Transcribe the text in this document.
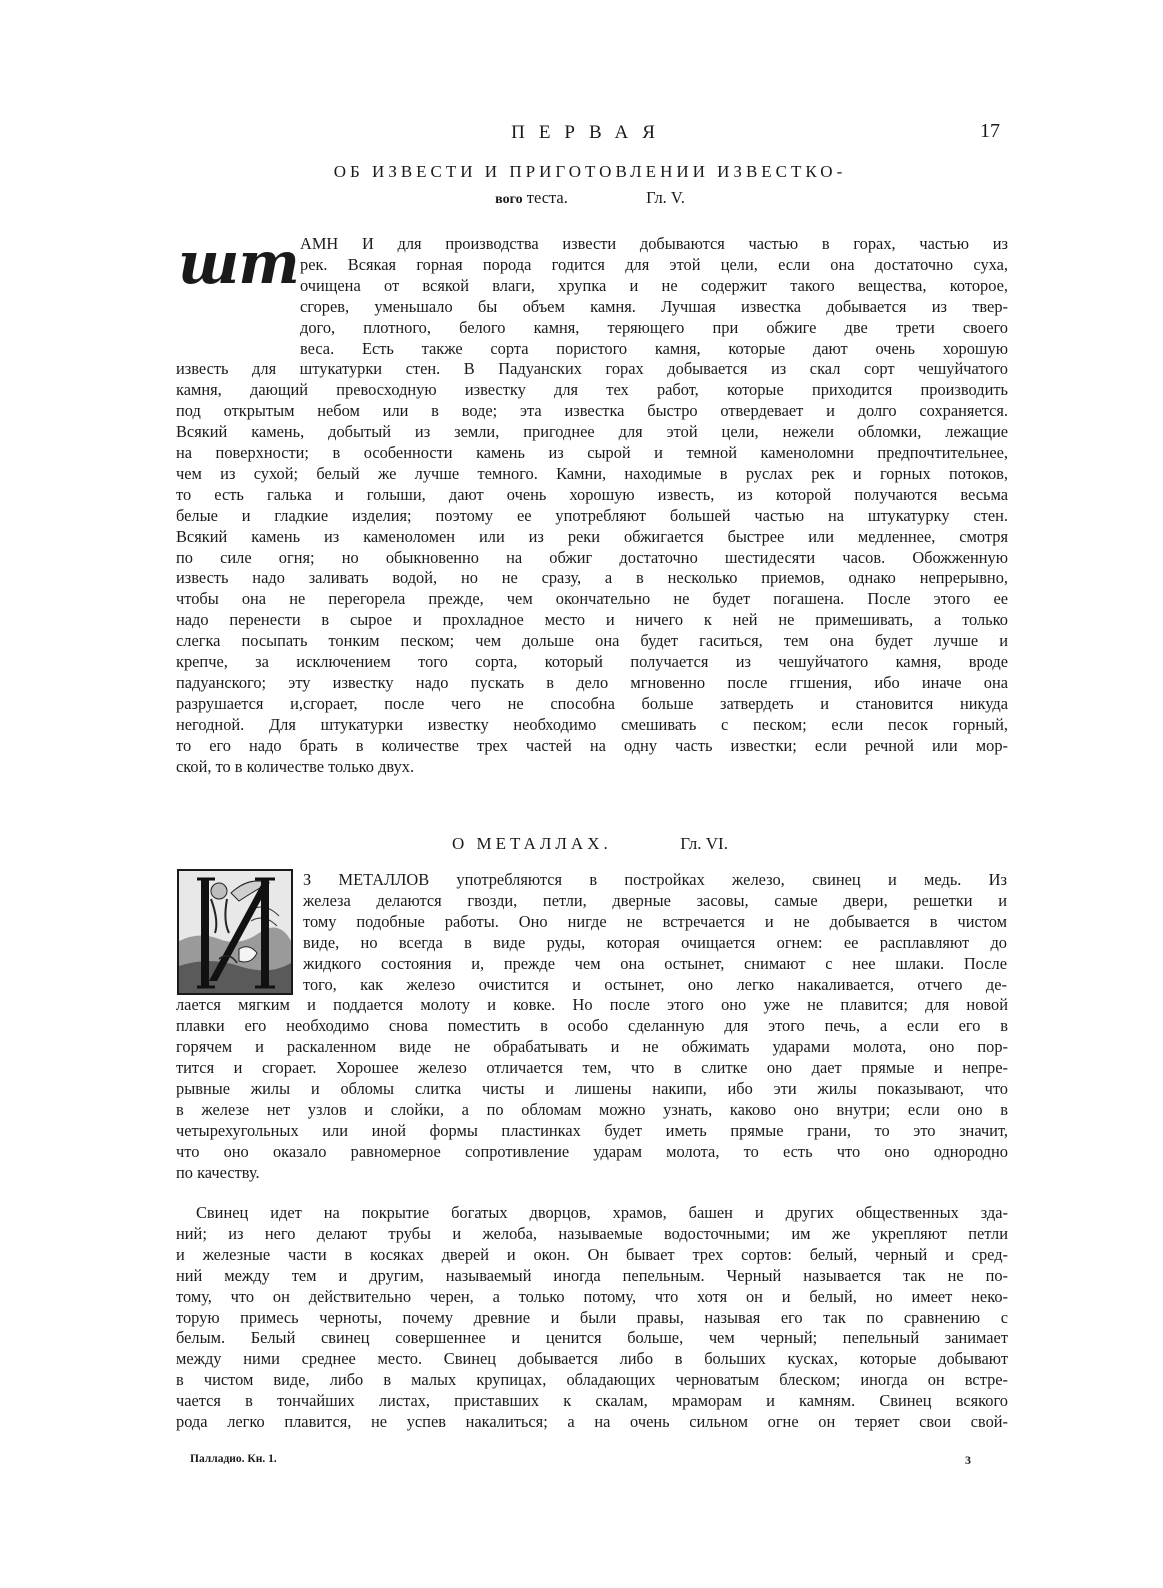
ПЕРВАЯ	17
ОБ ИЗВЕСТИ И ПРИГОТОВЛЕНИИ ИЗВЕСТКО-
вого теста.	Гл. V.
шт АМН И для производства извести добываются частью в горах, частью из
рек. Всякая горная порода годится для этой цели, если она достаточно суха,
очищена от всякой влаги, хрупка и не содержит такого вещества, которое,
сгорев, уменьшало бы объем камня. Лучшая известка добывается из твер-
дого, плотного, белого камня, теряющего при обжиге две трети своего
веса. Есть также сорта пористого камня, которые дают очень хорошую
известь для штукатурки стен. В Падуанских горах добывается из скал сорт чешуйчатого
камня, дающий превосходную известку для тех работ, которые приходится производить
под открытым небом или в воде; эта известка быстро отвердевает и долго сохраняется.
Всякий камень, добытый из земли, пригоднее для этой цели, нежели обломки, лежащие
на поверхности; в особенности камень из сырой и темной каменоломни предпочтительнее,
чем из сухой; белый же лучше темного. Камни, находимые в руслах рек и горных потоков,
то есть галька и голыши, дают очень хорошую известь, из которой получаются весьма
белые и гладкие изделия; поэтому ее употребляют большей частью на штукатурку стен.
Всякий камень из каменоломен или из реки обжигается быстрее или медленнее, смотря
по силе огня; но обыкновенно на обжиг достаточно шестидесяти часов. Обожженную
известь надо заливать водой, но не сразу, а в несколько приемов, однако непрерывно,
чтобы она не перегорела прежде, чем окончательно не будет погашена. После этого ее
надо перенести в сырое и прохладное место и ничего к ней не примешивать, а только
слегка посыпать тонким песком; чем дольше она будет гаситься, тем она будет лучше и
крепче, за исключением того сорта, который получается из чешуйчатого камня, вроде
падуанского; эту известку надо пускать в дело мгновенно после ггшения, ибо иначе она
разрушается и,сгорает, после чего не способна больше затвердеть и становится никуда
негодной. Для штукатурки известку необходимо смешивать с песком; если песок горный,
то его надо брать в количестве трех частей на одну часть известки; если речной или мор-
ской, то в количестве только двух.
О МЕТАЛЛАХ.	Гл. VI.
З МЕТАЛЛОВ употребляются в постройках железо, свинец и медь. Из
железа делаются гвозди, петли, дверные засовы, самые двери, решетки и
тому подобные работы. Оно нигде не встречается и не добывается в чистом
виде, но всегда в виде руды, которая очищается огнем: ее расплавляют до
жидкого состояния и, прежде чем она остынет, снимают с нее шлаки. После
того, как железо очистится и остынет, оно легко накаливается, отчего де-
лается мягким и поддается молоту и ковке. Но после этого оно уже не плавится; для новой
плавки его необходимо снова поместить в особо сделанную для этого печь, а если его в
горячем и раскаленном виде не обрабатывать и не обжимать ударами молота, оно пор-
тится и сгорает. Хорошее железо отличается тем, что в слитке оно дает прямые и непре-
рывные жилы и обломы слитка чисты и лишены накипи, ибо эти жилы показывают, что
в железе нет узлов и слойки, а по обломам можно узнать, каково оно внутри; если оно в
четырехугольных или иной формы пластинках будет иметь прямые грани, то это значит,
что оно оказало равномерное сопротивление ударам молота, то есть что оно однородно
по качеству.
Свинец идет на покрытие богатых дворцов, храмов, башен и других общественных зда-
ний; из него делают трубы и желоба, называемые водосточными; им же укрепляют петли
и железные части в косяках дверей и окон. Он бывает трех сортов: белый, черный и сред-
ний между тем и другим, называемый иногда пепельным. Черный называется так не по-
тому, что он действительно черен, а только потому, что хотя он и белый, но имеет неко-
торую примесь черноты, почему древние и были правы, называя его так по сравнению с
белым. Белый свинец совершеннее и ценится больше, чем черный; пепельный занимает
между ними среднее место. Свинец добывается либо в больших кусках, которые добывают
в чистом виде, либо в малых крупицах, обладающих черноватым блеском; иногда он встре-
чается в тончайших листах, приставших к скалам, мраморам и камням. Свинец всякого
рода легко плавится, не успев накалиться; а на очень сильном огне он теряет свои свой-
Палладио. Кн. 1.	3
